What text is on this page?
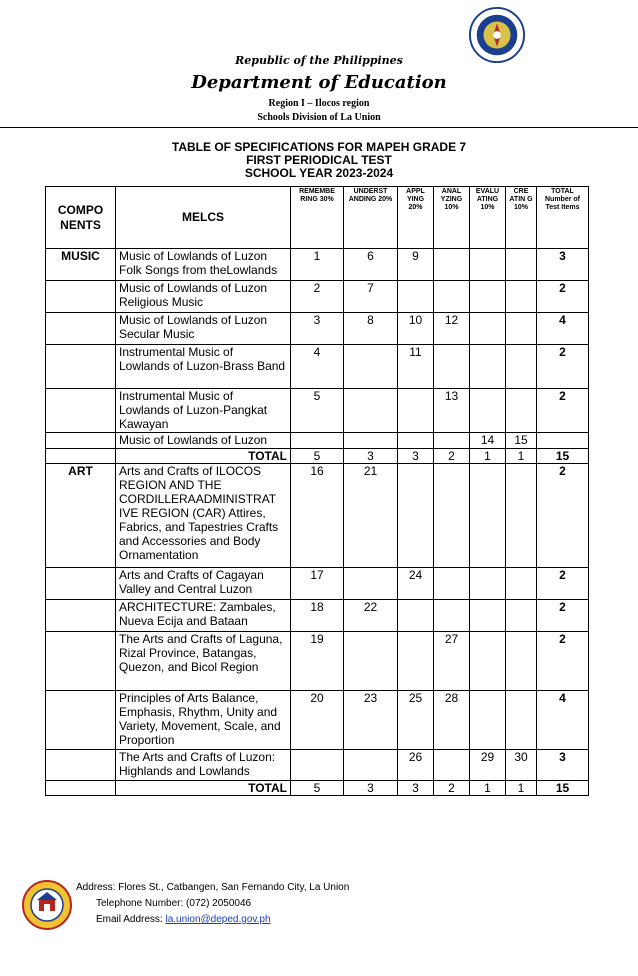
Republic of the Philippines
Department of Education
Region I – Ilocos region
Schools Division of La Union
TABLE OF SPECIFICATIONS FOR MAPEH GRADE 7
FIRST PERIODICAL TEST
SCHOOL YEAR 2023-2024
COMPO NENTS	MELCS	REMEMBE RING 30%	UNDERST ANDING 20%	APPL YING 20%	ANAL YZING 10%	EVALU ATING 10%	CRE ATIN G 10%	TOTAL Number of Test Items
MUSIC	Music of Lowlands of Luzon Folk Songs from theLowlands	1	6	9				3
	Music of Lowlands of Luzon Religious Music	2	7					2
	Music of Lowlands of Luzon Secular Music	3	8	10	12			4
	Instrumental Music of Lowlands of Luzon-Brass Band	4		11				2
	Instrumental Music of Lowlands of Luzon-Pangkat Kawayan	5			13			2
	Music of Lowlands of Luzon					14	15	
	TOTAL	5	3	3	2	1	1	15
ART	Arts and Crafts of ILOCOS REGION AND THE CORDILLERAADMINISTRAT IVE REGION (CAR) Attires, Fabrics, and Tapestries Crafts and Accessories and Body Ornamentation	16	21					2
	Arts and Crafts of Cagayan Valley and Central Luzon	17		24				2
	ARCHITECTURE: Zambales, Nueva Ecija and Bataan	18	22					2
	The Arts and Crafts of Laguna, Rizal Province, Batangas, Quezon, and Bicol Region	19			27			2
	Principles of Arts Balance, Emphasis, Rhythm, Unity and Variety, Movement, Scale, and Proportion	20	23	25	28			4
	The Arts and Crafts of Luzon: Highlands and Lowlands			26		29	30	3
	TOTAL	5	3	3	2	1	1	15
Address: Flores St., Catbangen, San Fernando City, La Union
Telephone Number: (072) 2050046
Email Address: la.union@deped.gov.ph
